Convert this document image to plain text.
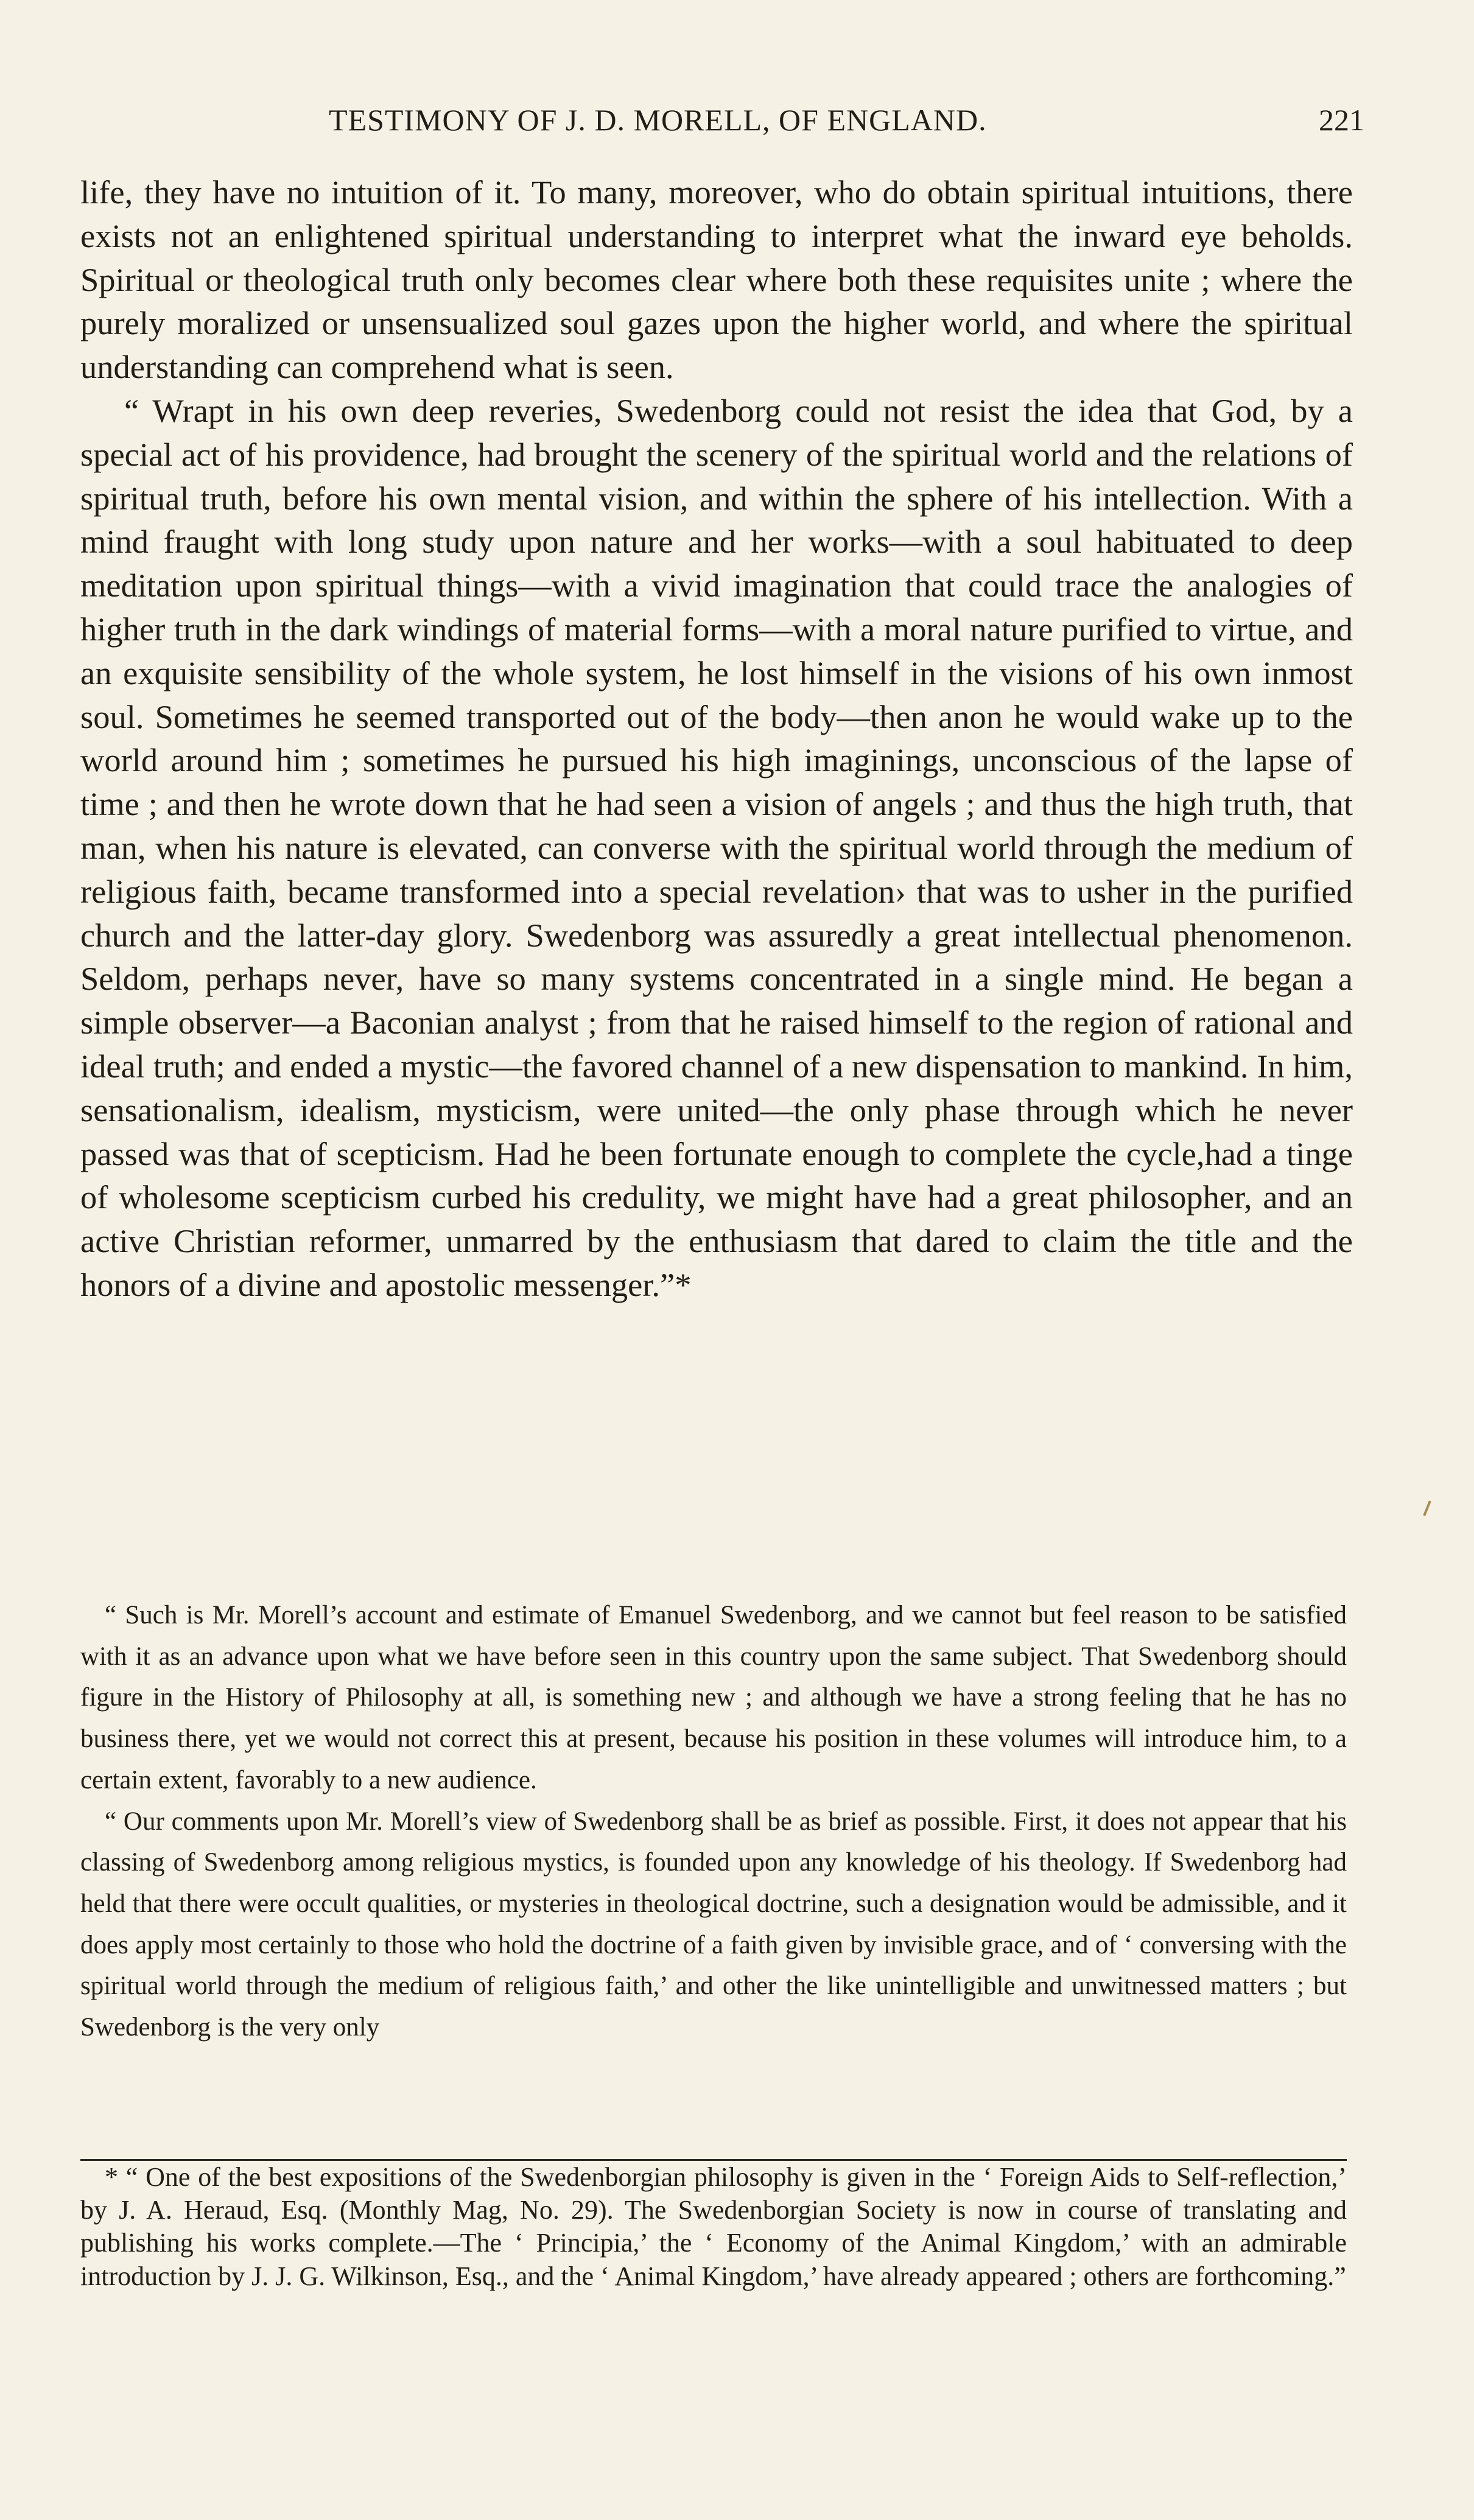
TESTIMONY OF J. D. MORELL, OF ENGLAND.	221

life, they have no intuition of it. To many, moreover, who do obtain spiritual intuitions, there exists not an enlightened spiritual understanding to interpret what the inward eye beholds. Spiritual or theological truth only becomes clear where both these requisites unite ; where the purely moralized or unsensualized soul gazes upon the higher world, and where the spiritual understanding can comprehend what is seen.

“ Wrapt in his own deep reveries, Swedenborg could not resist the idea that God, by a special act of his providence, had brought the scenery of the spiritual world and the relations of spiritual truth, before his own mental vision, and within the sphere of his intellection. With a mind fraught with long study upon nature and her works—with a soul habituated to deep meditation upon spiritual things—with a vivid imagination that could trace the analogies of higher truth in the dark windings of material forms—with a moral nature purified to virtue, and an exquisite sensibility of the whole system, he lost himself in the visions of his own inmost soul. Sometimes he seemed transported out of the body—then anon he would wake up to the world around him ; sometimes he pursued his high imaginings, unconscious of the lapse of time ; and then he wrote down that he had seen a vision of angels ; and thus the high truth, that man, when his nature is elevated, can converse with the spiritual world through the medium of religious faith, became transformed into a special revelation› that was to usher in the purified church and the latter-day glory. Swedenborg was assuredly a great intellectual phenomenon. Seldom, perhaps never, have so many systems concentrated in a single mind. He began a simple observer—a Baconian analyst ; from that he raised himself to the region of rational and ideal truth; and ended a mystic—the favored channel of a new dispensation to mankind. In him, sensationalism, idealism, mysticism, were united—the only phase through which he never passed was that of scepticism. Had he been fortunate enough to complete the cycle,had a tinge of wholesome scepticism curbed his credulity, we might have had a great philosopher, and an active Christian reformer, unmarred by the enthusiasm that dared to claim the title and the honors of a divine and apostolic messenger.”*

“ Such is Mr. Morell’s account and estimate of Emanuel Swedenborg, and we cannot but feel reason to be satisfied with it as an advance upon what we have before seen in this country upon the same subject. That Swedenborg should figure in the History of Philosophy at all, is something new ; and although we have a strong feeling that he has no business there, yet we would not correct this at present, because his position in these volumes will introduce him, to a certain extent, favorably to a new audience.

“ Our comments upon Mr. Morell’s view of Swedenborg shall be as brief as possible. First, it does not appear that his classing of Swedenborg among religious mystics, is founded upon any knowledge of his theology. If Swedenborg had held that there were occult qualities, or mysteries in theological doctrine, such a designation would be admissible, and it does apply most certainly to those who hold the doctrine of a faith given by invisible grace, and of ‘ conversing with the spiritual world through the medium of religious faith,’ and other the like unintelligible and unwitnessed matters ; but Swedenborg is the very only

* “ One of the best expositions of the Swedenborgian philosophy is given in the ‘ Foreign Aids to Self-reflection,’ by J. A. Heraud, Esq. (Monthly Mag, No. 29). The Swedenborgian Society is now in course of translating and publishing his works complete.—The ‘ Principia,’ the ‘ Economy of the Animal Kingdom,’ with an admirable introduction by J. J. G. Wilkinson, Esq., and the ‘ Animal Kingdom,’ have already appeared ; others are forthcoming.”
